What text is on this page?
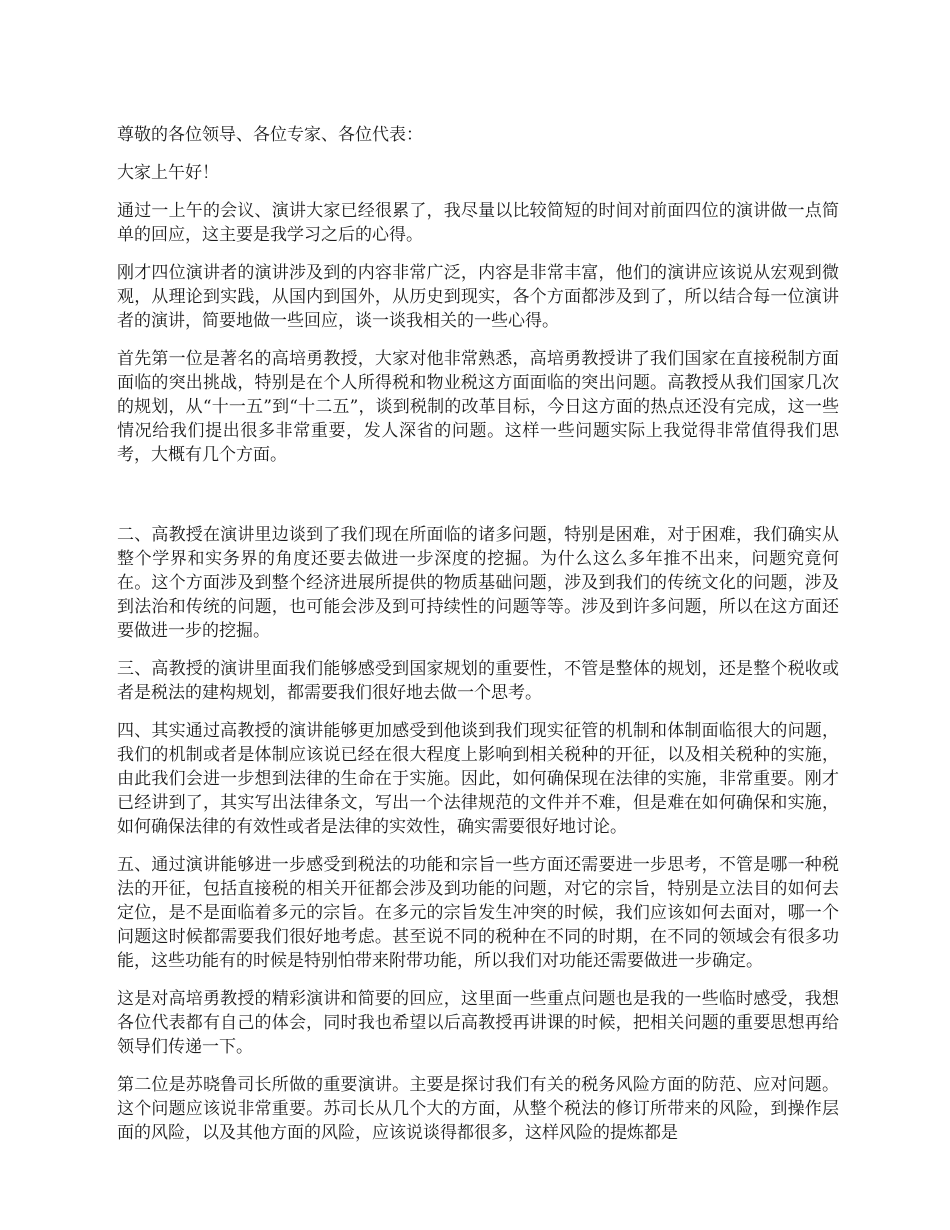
尊敬的各位领导、各位专家、各位代表：

大家上午好！

通过一上午的会议、演讲大家已经很累了，我尽量以比较简短的时间对前面四位的演讲做一点简单的回应，这主要是我学习之后的心得。

刚才四位演讲者的演讲涉及到的内容非常广泛，内容是非常丰富，他们的演讲应该说从宏观到微观，从理论到实践，从国内到国外，从历史到现实，各个方面都涉及到了，所以结合每一位演讲者的演讲，简要地做一些回应，谈一谈我相关的一些心得。

首先第一位是著名的高培勇教授，大家对他非常熟悉，高培勇教授讲了我们国家在直接税制方面面临的突出挑战，特别是在个人所得税和物业税这方面面临的突出问题。高教授从我们国家几次的规划，从“十一五”到“十二五”，谈到税制的改革目标，今日这方面的热点还没有完成，这一些情况给我们提出很多非常重要，发人深省的问题。这样一些问题实际上我觉得非常值得我们思考，大概有几个方面。

二、高教授在演讲里边谈到了我们现在所面临的诸多问题，特别是困难，对于困难，我们确实从整个学界和实务界的角度还要去做进一步深度的挖掘。为什么这么多年推不出来，问题究竟何在。这个方面涉及到整个经济进展所提供的物质基础问题，涉及到我们的传统文化的问题，涉及到法治和传统的问题，也可能会涉及到可持续性的问题等等。涉及到许多问题，所以在这方面还要做进一步的挖掘。

三、高教授的演讲里面我们能够感受到国家规划的重要性，不管是整体的规划，还是整个税收或者是税法的建构规划，都需要我们很好地去做一个思考。

四、其实通过高教授的演讲能够更加感受到他谈到我们现实征管的机制和体制面临很大的问题，我们的机制或者是体制应该说已经在很大程度上影响到相关税种的开征，以及相关税种的实施，由此我们会进一步想到法律的生命在于实施。因此，如何确保现在法律的实施，非常重要。刚才已经讲到了，其实写出法律条文，写出一个法律规范的文件并不难，但是难在如何确保和实施，如何确保法律的有效性或者是法律的实效性，确实需要很好地讨论。

五、通过演讲能够进一步感受到税法的功能和宗旨一些方面还需要进一步思考，不管是哪一种税法的开征，包括直接税的相关开征都会涉及到功能的问题，对它的宗旨，特别是立法目的如何去定位，是不是面临着多元的宗旨。在多元的宗旨发生冲突的时候，我们应该如何去面对，哪一个问题这时候都需要我们很好地考虑。甚至说不同的税种在不同的时期，在不同的领域会有很多功能，这些功能有的时候是特别怕带来附带功能，所以我们对功能还需要做进一步确定。

这是对高培勇教授的精彩演讲和简要的回应，这里面一些重点问题也是我的一些临时感受，我想各位代表都有自己的体会，同时我也希望以后高教授再讲课的时候，把相关问题的重要思想再给领导们传递一下。

第二位是苏晓鲁司长所做的重要演讲。主要是探讨我们有关的税务风险方面的防范、应对问题。这个问题应该说非常重要。苏司长从几个大的方面，从整个税法的修订所带来的风险，到操作层面的风险，以及其他方面的风险，应该说谈得都很多，这样风险的提炼都是
